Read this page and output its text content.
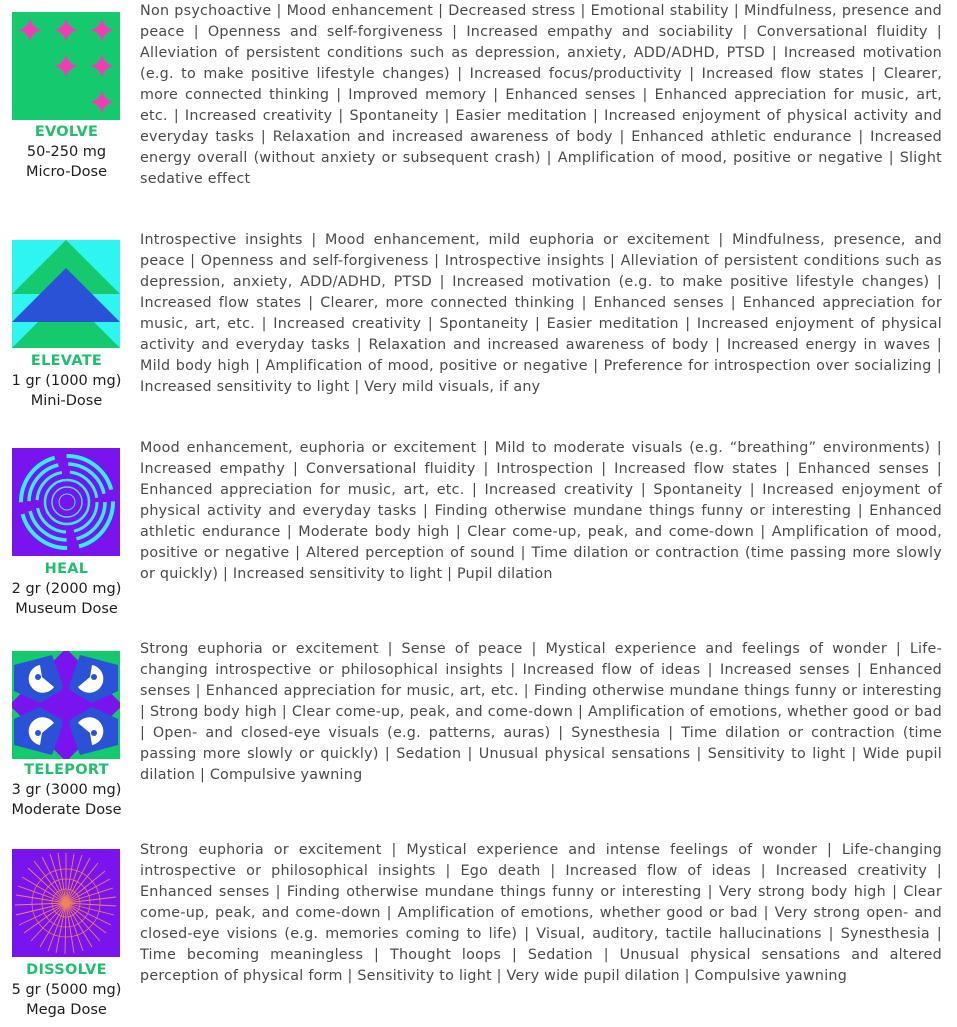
EVOLVE
50-250 mg
Micro-Dose
Non psychoactive | Mood enhancement | Decreased stress | Emotional stability | Mindfulness, presence and peace | Openness and self-forgiveness | Increased empathy and sociability | Conversational fluidity | Alleviation of persistent conditions such as depression, anxiety, ADD/ADHD, PTSD | Increased motivation (e.g. to make positive lifestyle changes) | Increased focus/productivity | Increased flow states | Clearer, more connected thinking | Improved memory | Enhanced senses | Enhanced appreciation for music, art, etc. | Increased creativity | Spontaneity | Easier meditation | Increased enjoyment of physical activity and everyday tasks | Relaxation and increased awareness of body | Enhanced athletic endurance | Increased energy overall (without anxiety or subsequent crash) | Amplification of mood, positive or negative | Slight sedative effect
ELEVATE
1 gr (1000 mg)
Mini-Dose
Introspective insights | Mood enhancement, mild euphoria or excitement | Mindfulness, presence, and peace | Openness and self-forgiveness | Introspective insights | Alleviation of persistent conditions such as depression, anxiety, ADD/ADHD, PTSD | Increased motivation (e.g. to make positive lifestyle changes) | Increased flow states | Clearer, more connected thinking | Enhanced senses | Enhanced appreciation for music, art, etc. | Increased creativity | Spontaneity | Easier meditation | Increased enjoyment of physical activity and everyday tasks | Relaxation and increased awareness of body | Increased energy in waves | Mild body high | Amplification of mood, positive or negative | Preference for introspection over socializing | Increased sensitivity to light | Very mild visuals, if any
HEAL
2 gr (2000 mg)
Museum Dose
Mood enhancement, euphoria or excitement | Mild to moderate visuals (e.g. “breathing” environments) | Increased empathy | Conversational fluidity | Introspection | Increased flow states | Enhanced senses | Enhanced appreciation for music, art, etc. | Increased creativity | Spontaneity | Increased enjoyment of physical activity and everyday tasks | Finding otherwise mundane things funny or interesting | Enhanced athletic endurance | Moderate body high | Clear come-up, peak, and come-down | Amplification of mood, positive or negative | Altered perception of sound | Time dilation or contraction (time passing more slowly or quickly) | Increased sensitivity to light | Pupil dilation
TELEPORT
3 gr (3000 mg)
Moderate Dose
Strong euphoria or excitement | Sense of peace | Mystical experience and feelings of wonder | Life-changing introspective or philosophical insights | Increased flow of ideas | Increased senses | Enhanced senses | Enhanced appreciation for music, art, etc. | Finding otherwise mundane things funny or interesting | Strong body high | Clear come-up, peak, and come-down | Amplification of emotions, whether good or bad | Open- and closed-eye visuals (e.g. patterns, auras) | Synesthesia | Time dilation or contraction (time passing more slowly or quickly) | Sedation | Unusual physical sensations | Sensitivity to light | Wide pupil dilation | Compulsive yawning
DISSOLVE
5 gr (5000 mg)
Mega Dose
Strong euphoria or excitement | Mystical experience and intense feelings of wonder | Life-changing introspective or philosophical insights | Ego death | Increased flow of ideas | Increased creativity | Enhanced senses | Finding otherwise mundane things funny or interesting | Very strong body high | Clear come-up, peak, and come-down | Amplification of emotions, whether good or bad | Very strong open- and closed-eye visions (e.g. memories coming to life) | Visual, auditory, tactile hallucinations | Synesthesia | Time becoming meaningless | Thought loops | Sedation | Unusual physical sensations and altered perception of physical form | Sensitivity to light | Very wide pupil dilation | Compulsive yawning
